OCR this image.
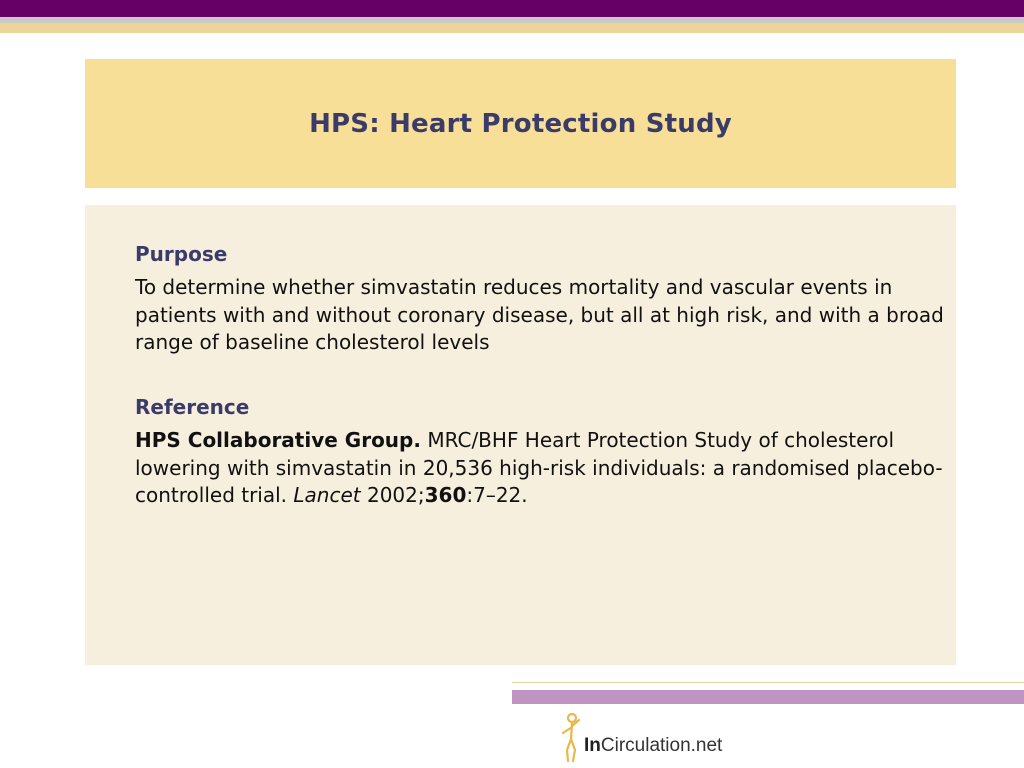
HPS: Heart Protection Study

Purpose

To determine whether simvastatin reduces mortality and vascular events in patients with and without coronary disease, but all at high risk, and with a broad range of baseline cholesterol levels

Reference

HPS Collaborative Group. MRC/BHF Heart Protection Study of cholesterol lowering with simvastatin in 20,536 high-risk individuals: a randomised placebo-controlled trial. Lancet 2002;360:7–22.

InCirculation.net
